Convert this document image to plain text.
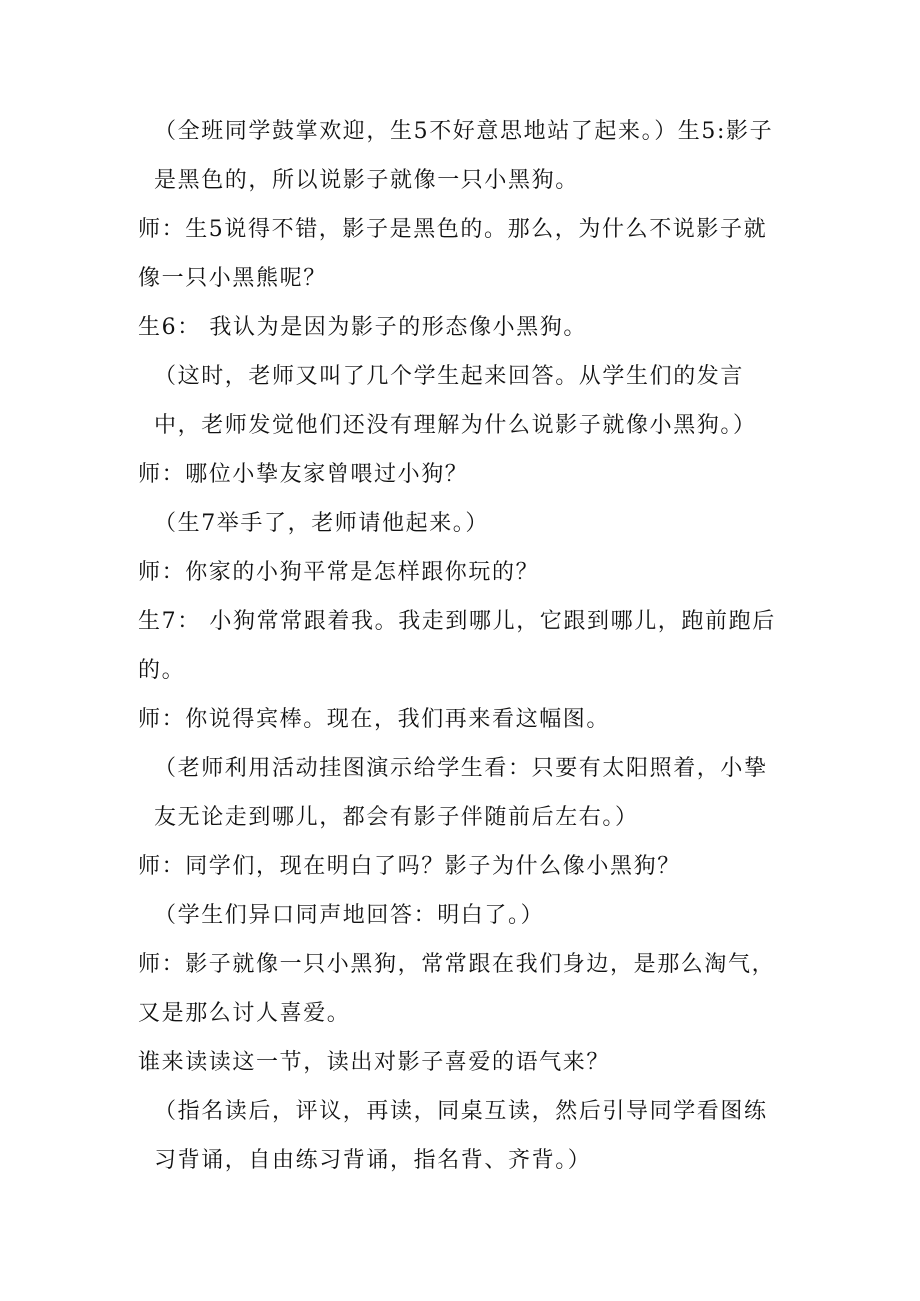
（全班同学鼓掌欢迎，生5不好意思地站了起来。）生5:影子是黑色的，所以说影子就像一只小黑狗。

师：生5说得不错，影子是黑色的。那么，为什么不说影子就像一只小黑熊呢？

生6： 我认为是因为影子的形态像小黑狗。

（这时，老师又叫了几个学生起来回答。从学生们的发言中，老师发觉他们还没有理解为什么说影子就像小黑狗。）

师：哪位小挚友家曾喂过小狗？

（生7举手了，老师请他起来。）

师：你家的小狗平常是怎样跟你玩的？

生7： 小狗常常跟着我。我走到哪儿，它跟到哪儿，跑前跑后的。

师：你说得宾棒。现在，我们再来看这幅图。

（老师利用活动挂图演示给学生看：只要有太阳照着，小挚友无论走到哪儿，都会有影子伴随前后左右。）

师：同学们，现在明白了吗？影子为什么像小黑狗？

（学生们异口同声地回答：明白了。）

师：影子就像一只小黑狗，常常跟在我们身边，是那么淘气，又是那么讨人喜爱。

谁来读读这一节，读出对影子喜爱的语气来？

（指名读后，评议，再读，同桌互读，然后引导同学看图练习背诵，自由练习背诵，指名背、齐背。）
